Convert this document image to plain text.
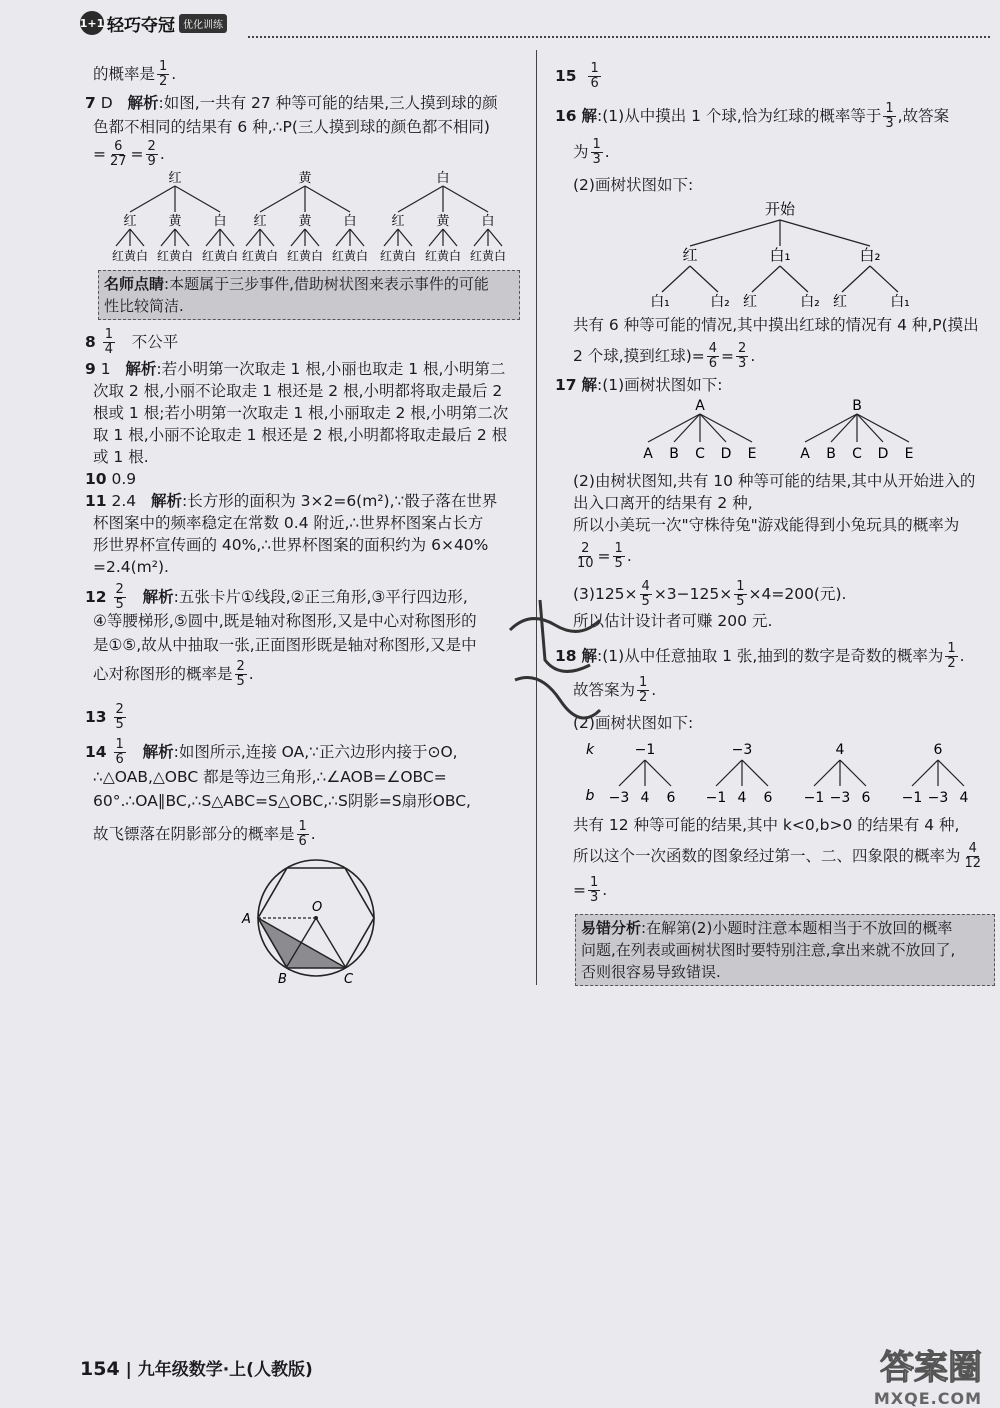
1+1 轻巧夺冠 优化训练
的概率是 $\frac{1}{2}$ .
7 D 解析:如图,一共有 27 种等可能的结果,三人摸到球的颜
色都不相同的结果有 6 种,∴P(三人摸到球的颜色都不相同)
= $\frac{6}{27} = \frac{2}{9}$ .
红
红
红黄白
黄
红黄白
白
红黄白
黄
红
红黄白
黄
红黄白
白
红黄白
白
红
红黄白
黄
红黄白
白
红黄白
名师点睛:本题属于三步事件,借助树状图来表示事件的可能
性比较简洁.
$8 \frac{1}{4}$ 不公平
9 1 解析:若小明第一次取走 1 根,小丽也取走 1 根,小明第二
次取 2 根,小丽不论取走 1 根还是 2 根,小明都将取走最后 2
根或 1 根;若小明第一次取走 1 根,小丽取走 2 根,小明第二次
取 1 根,小丽不论取走 1 根还是 2 根,小明都将取走最后 2 根
或 1 根.
10 0.9
11 2.4 解析:长方形的面积为 3×2=6(m²),∵骰子落在世界
杯图案中的频率稳定在常数 0.4 附近,∴世界杯图案占长方
形世界杯宣传画的 40%,∴世界杯图案的面积约为 6×40%
=2.4(m²).
$12 \frac{2}{5}$ 解析:五张卡片①线段,②正三角形,③平行四边形,
④等腰梯形,⑤圆中,既是轴对称图形,又是中心对称图形的
是①⑤,故从中抽取一张,正面图形既是轴对称图形,又是中
心对称图形的概率是 $\frac{2}{5}$ .
$13 \frac{2}{5}$
$14 \frac{1}{6}$ 解析:如图所示,连接 OA,∵正六边形内接于⊙O,
∴△OAB,△OBC 都是等边三角形,∴∠AOB=∠OBC=
60°.∴OA∥BC,∴S△ABC=S△OBC,∴S阴影=S扇形OBC,
故飞镖落在阴影部分的概率是 $\frac{1}{6}$ .
A
O
B	C
$15 \frac{1}{6}$
16 解:(1)从中摸出 1 个球,恰为红球的概率等于 $\frac{1}{3}$ ,故答案
为 $\frac{1}{3}$ .
(2)画树状图如下:
开始
红
白₁	白₂
白₁
红	白₂
白₂
红	白₁
共有 6 种等可能的情况,其中摸出红球的情况有 4 种,P(摸出
2 个球,摸到红球)= $\frac{4}{6} = \frac{2}{3}$ .
17 解:(1)画树状图如下:
A
A B C D E
B
A B C D E
(2)由树状图知,共有 10 种等可能的结果,其中从开始进入的
出入口离开的结果有 2 种,
所以小美玩一次"守株待兔"游戏能得到小兔玩具的概率为
$\frac{2}{10} = \frac{1}{5}$ .
$(3)125\times \frac{4}{5} \times 3-125\times \frac{1}{5} \times 4=200$(元).
所以估计设计者可赚 200 元.
18 解:(1)从中任意抽取 1 张,抽到的数字是奇数的概率为 $\frac{1}{2}$ .
故答案为 $\frac{1}{2}$ .
(2)画树状图如下:
k
b
−1
−3 4 6
−3
−1 4 6
4
−1 −3 6
6
−1 −3 4
共有 12 种等可能的结果,其中 k<0,b>0 的结果有 4 种,
所以这个一次函数的图象经过第一、二、四象限的概率为 $\frac{4}{12}$
= $\frac{1}{3}$ .
易错分析:在解第(2)小题时注意本题相当于不放回的概率
问题,在列表或画树状图时要特别注意,拿出来就不放回了,
否则很容易导致错误.
154 | 九年级数学·上(人教版)	答案圈
MXQE.COM
